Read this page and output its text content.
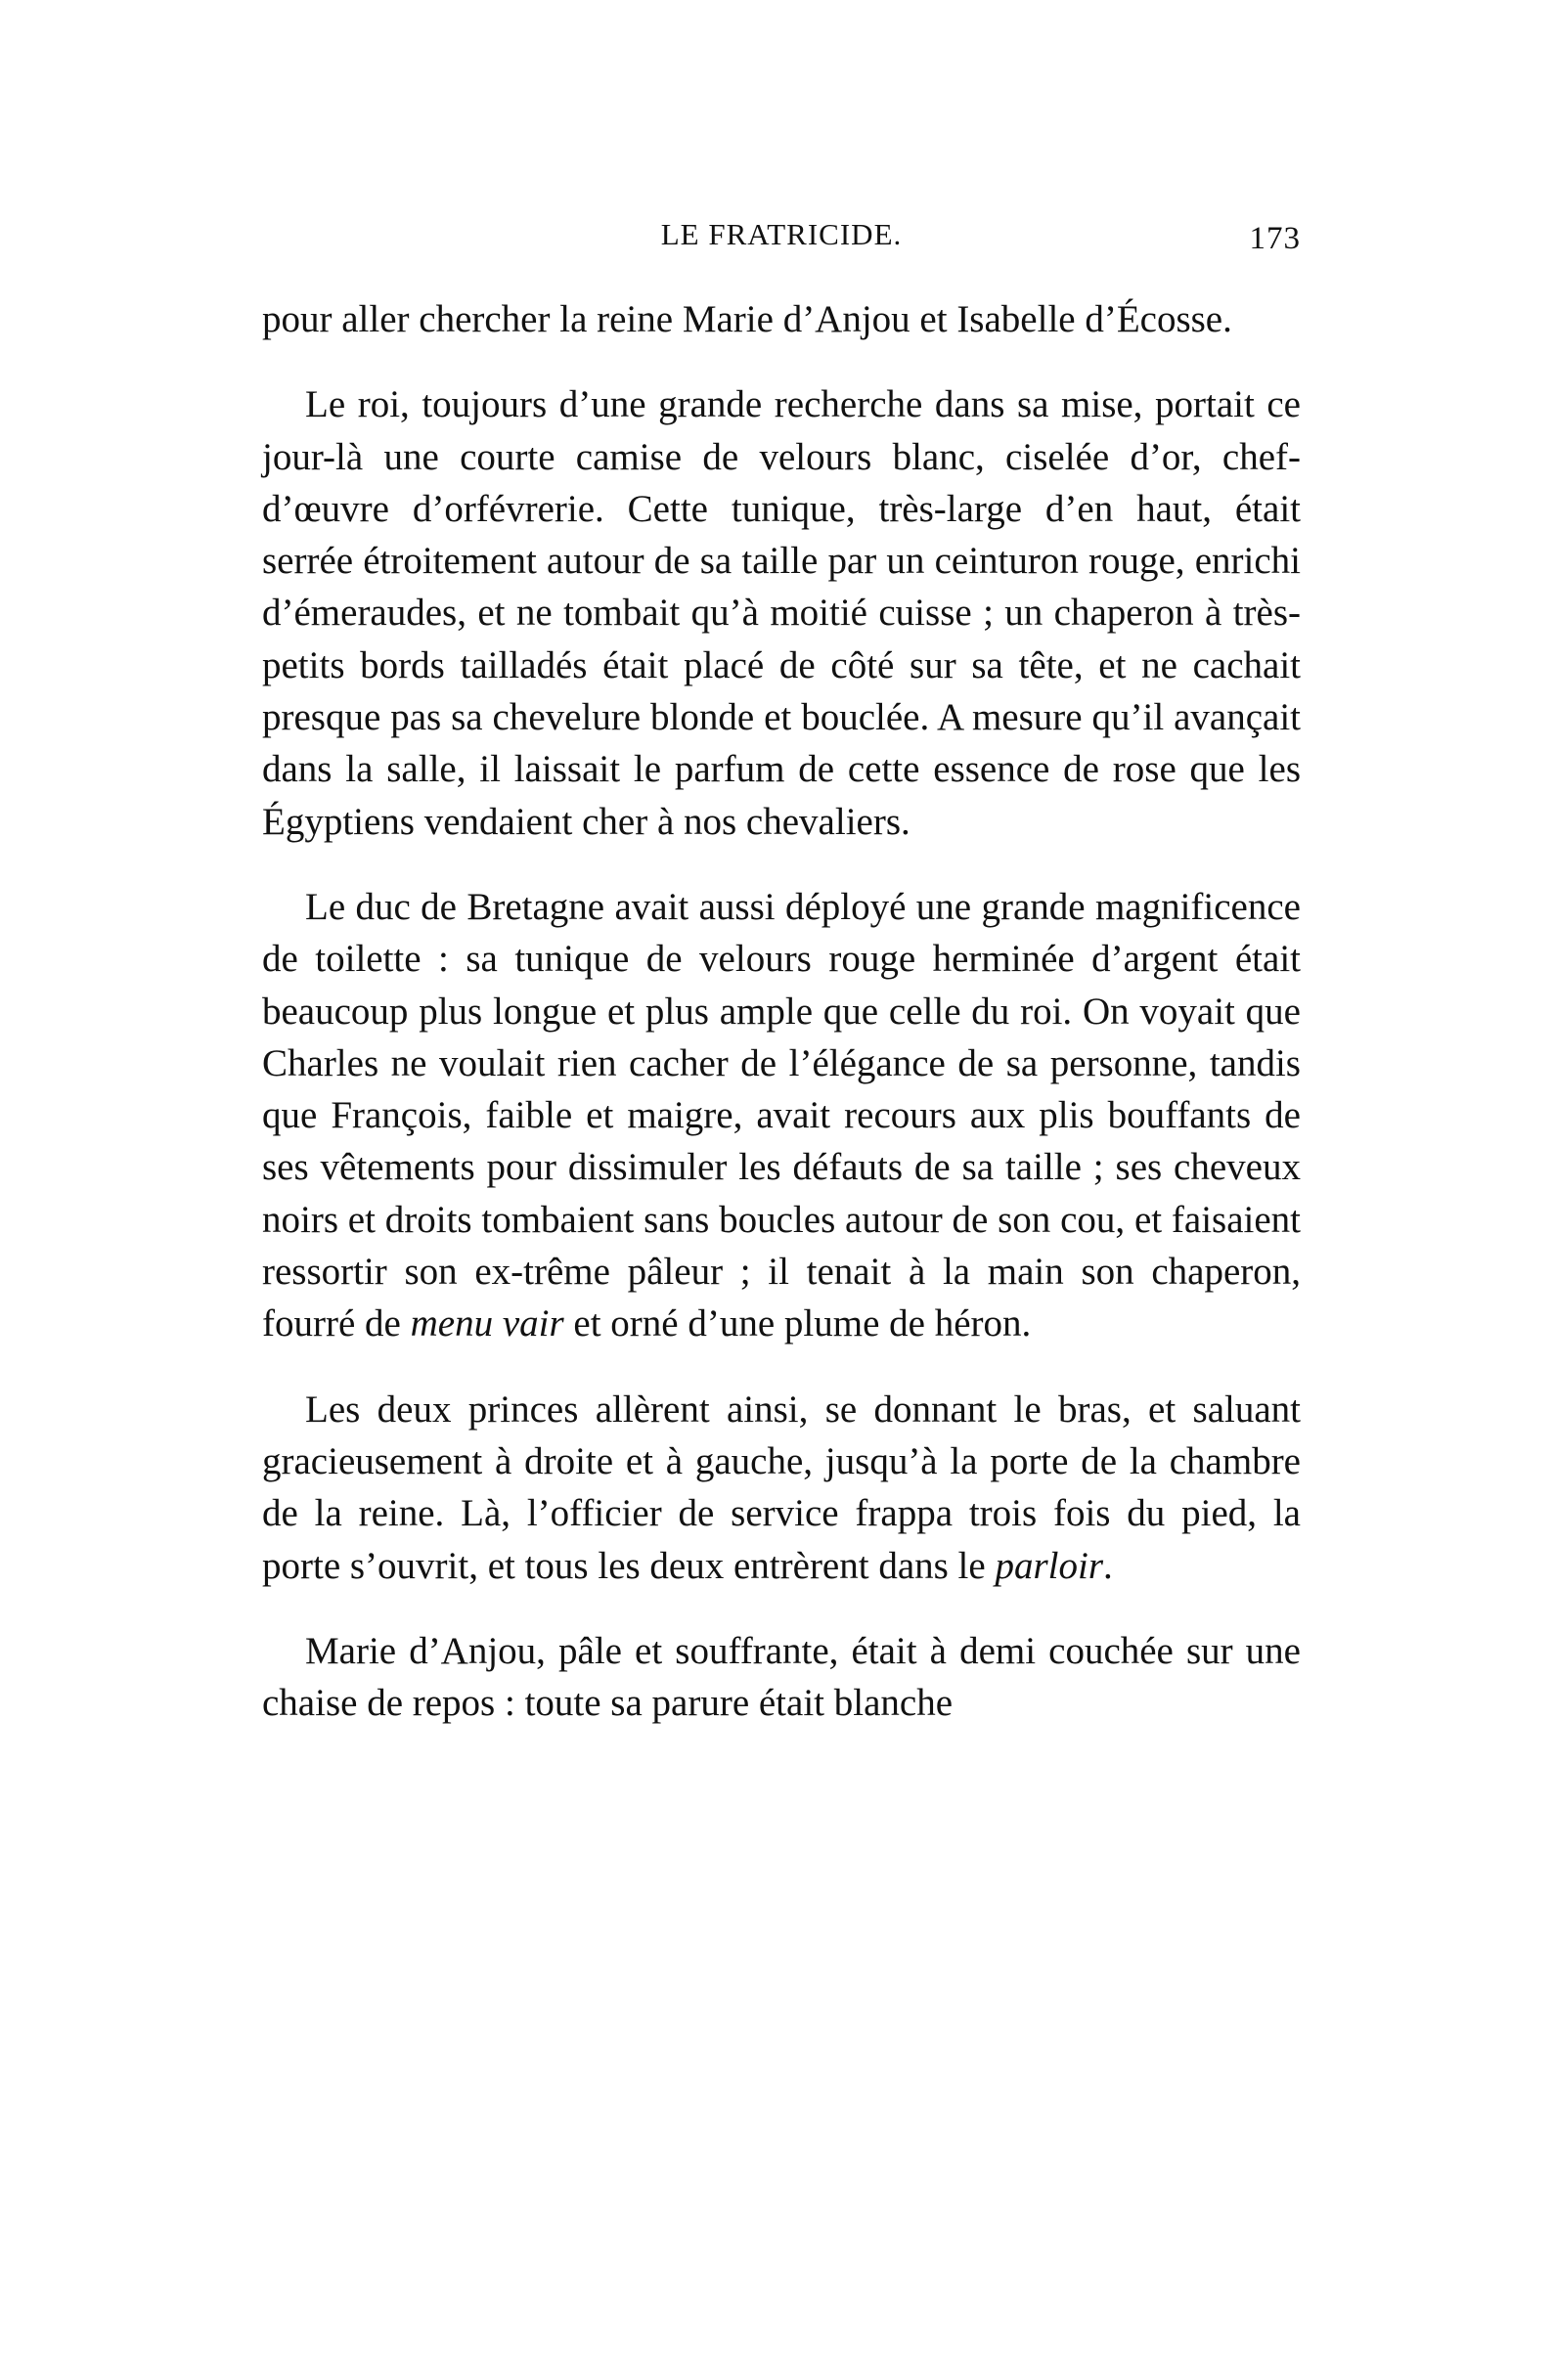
LE FRATRICIDE.	173

pour aller chercher la reine Marie d’Anjou et Isabelle d’Écosse.

Le roi, toujours d’une grande recherche dans sa mise, portait ce jour-là une courte camise de velours blanc, ciselée d’or, chef-d’œuvre d’orfévrerie. Cette tunique, très-large d’en haut, était serrée étroitement autour de sa taille par un ceinturon rouge, enrichi d’émeraudes, et ne tombait qu’à moitié cuisse ; un chaperon à très-petits bords tailladés était placé de côté sur sa tête, et ne cachait presque pas sa chevelure blonde et bouclée. A mesure qu’il avançait dans la salle, il laissait le parfum de cette essence de rose que les Égyptiens vendaient cher à nos chevaliers.

Le duc de Bretagne avait aussi déployé une grande magnificence de toilette : sa tunique de velours rouge herminée d’argent était beaucoup plus longue et plus ample que celle du roi. On voyait que Charles ne voulait rien cacher de l’élégance de sa personne, tandis que François, faible et maigre, avait recours aux plis bouffants de ses vêtements pour dissimuler les défauts de sa taille ; ses cheveux noirs et droits tombaient sans boucles autour de son cou, et faisaient ressortir son ex-trême pâleur ; il tenait à la main son chaperon, fourré de menu vair et orné d’une plume de héron.

Les deux princes allèrent ainsi, se donnant le bras, et saluant gracieusement à droite et à gauche, jusqu’à la porte de la chambre de la reine. Là, l’officier de service frappa trois fois du pied, la porte s’ouvrit, et tous les deux entrèrent dans le parloir.

Marie d’Anjou, pâle et souffrante, était à demi couchée sur une chaise de repos : toute sa parure était blanche
